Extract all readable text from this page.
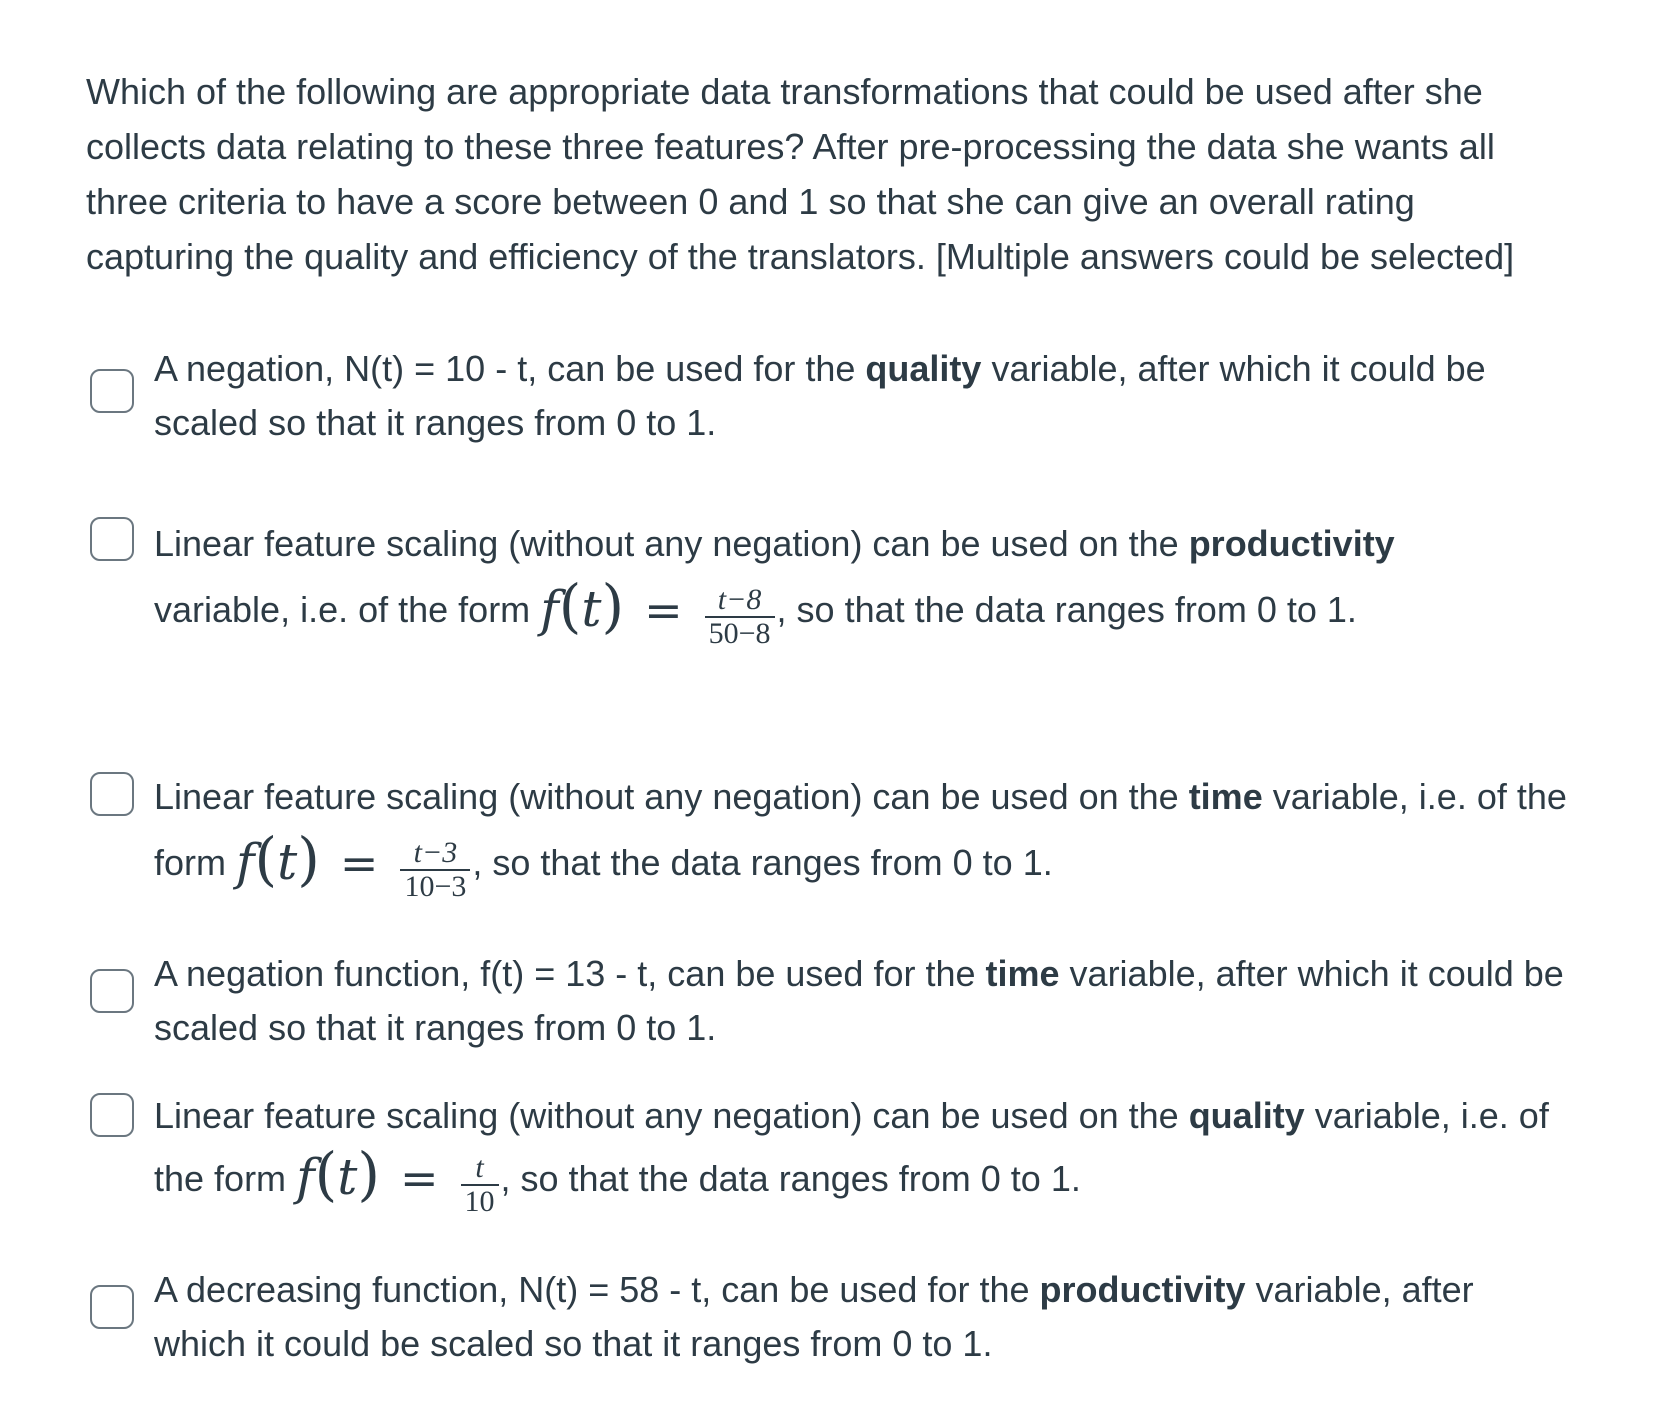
Which of the following are appropriate data transformations that could be used after she collects data relating to these three features? After pre-processing the data she wants all three criteria to have a score between 0 and 1 so that she can give an overall rating capturing the quality and efficiency of the translators. [Multiple answers could be selected]
A negation, N(t) = 10 - t, can be used for the quality variable, after which it could be scaled so that it ranges from 0 to 1.
Linear feature scaling (without any negation) can be used on the productivity variable, i.e. of the form $f(t) = \frac{t-8}{50-8}$ , so that the data ranges from 0 to 1.
Linear feature scaling (without any negation) can be used on the time variable, i.e. of the form $f(t) = \frac{t-3}{10-3}$ , so that the data ranges from 0 to 1.
A negation function, f(t) = 13 - t, can be used for the time variable, after which it could be scaled so that it ranges from 0 to 1.
Linear feature scaling (without any negation) can be used on the quality variable, i.e. of the form $f(t) = \frac{t}{10}$ , so that the data ranges from 0 to 1.
A decreasing function, N(t) = 58 - t, can be used for the productivity variable, after which it could be scaled so that it ranges from 0 to 1.
